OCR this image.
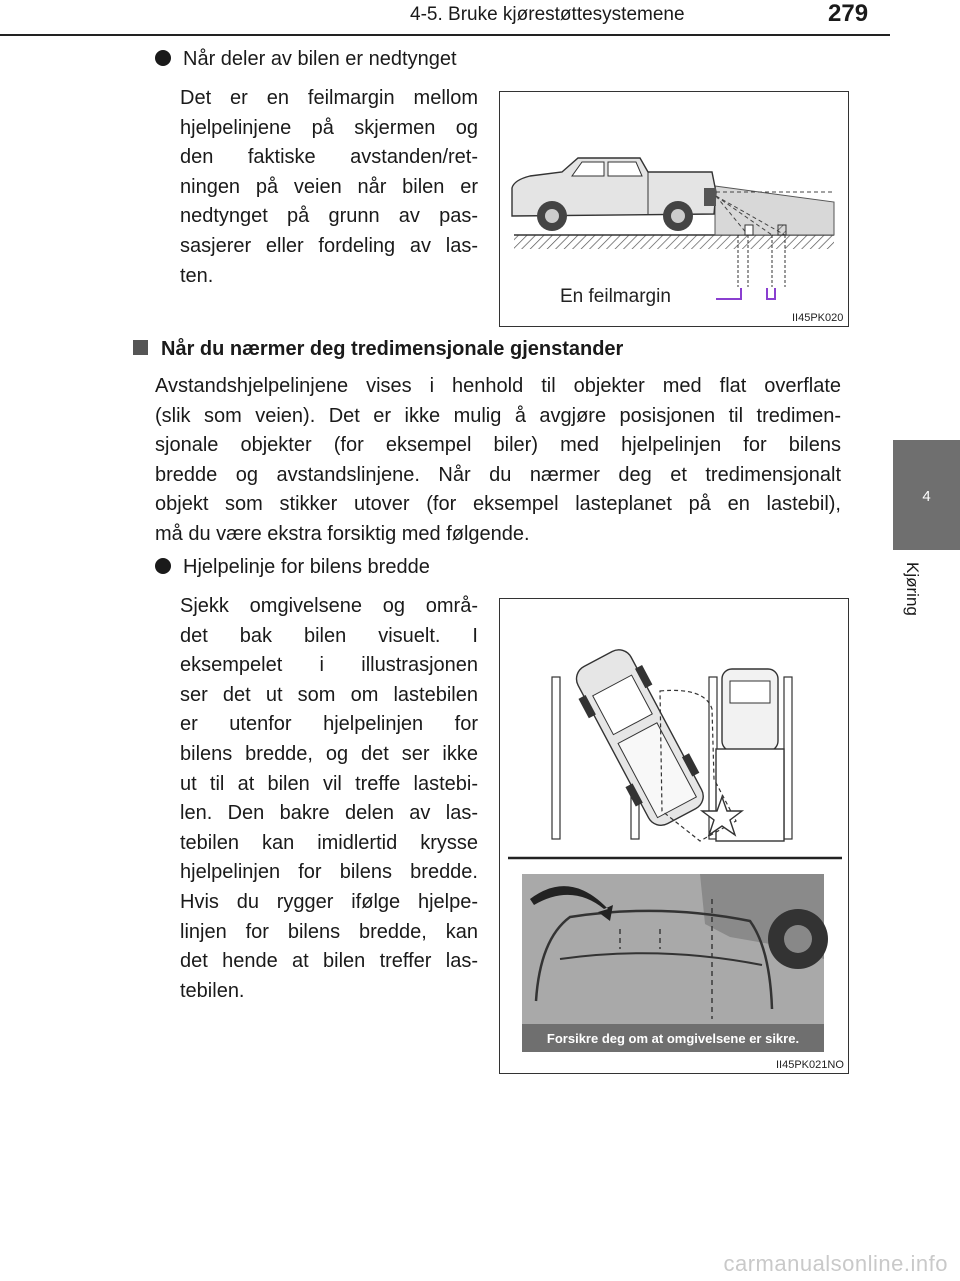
4-5. Bruke kjørestøttesystemene	279
4
Kjøring
Når deler av bilen er nedtynget
Det er en feilmargin mellom
hjelpelinjene på skjermen og
den faktiske avstanden/ret-
ningen på veien når bilen er
nedtynget på grunn av pas-
sasjerer eller fordeling av las-
ten.
En feilmargin
II45PK020
Når du nærmer deg tredimensjonale gjenstander
Avstandshjelpelinjene vises i henhold til objekter med flat overflate
(slik som veien). Det er ikke mulig å avgjøre posisjonen til tredimen-
sjonale objekter (for eksempel biler) med hjelpelinjen for bilens
bredde og avstandslinjene. Når du nærmer deg et tredimensjonalt
objekt som stikker utover (for eksempel lasteplanet på en lastebil),
må du være ekstra forsiktig med følgende.
Hjelpelinje for bilens bredde
Sjekk omgivelsene og områ-
det bak bilen visuelt. I
eksempelet i illustrasjonen
ser det ut som om lastebilen
er utenfor hjelpelinjen for
bilens bredde, og det ser ikke
ut til at bilen vil treffe lastebi-
len. Den bakre delen av las-
tebilen kan imidlertid krysse
hjelpelinjen for bilens bredde.
Hvis du rygger ifølge hjelpe-
linjen for bilens bredde, kan
det hende at bilen treffer las-
tebilen.
Forsikre deg om at omgivelsene er sikre.
II45PK021NO
carmanualsonline.info
